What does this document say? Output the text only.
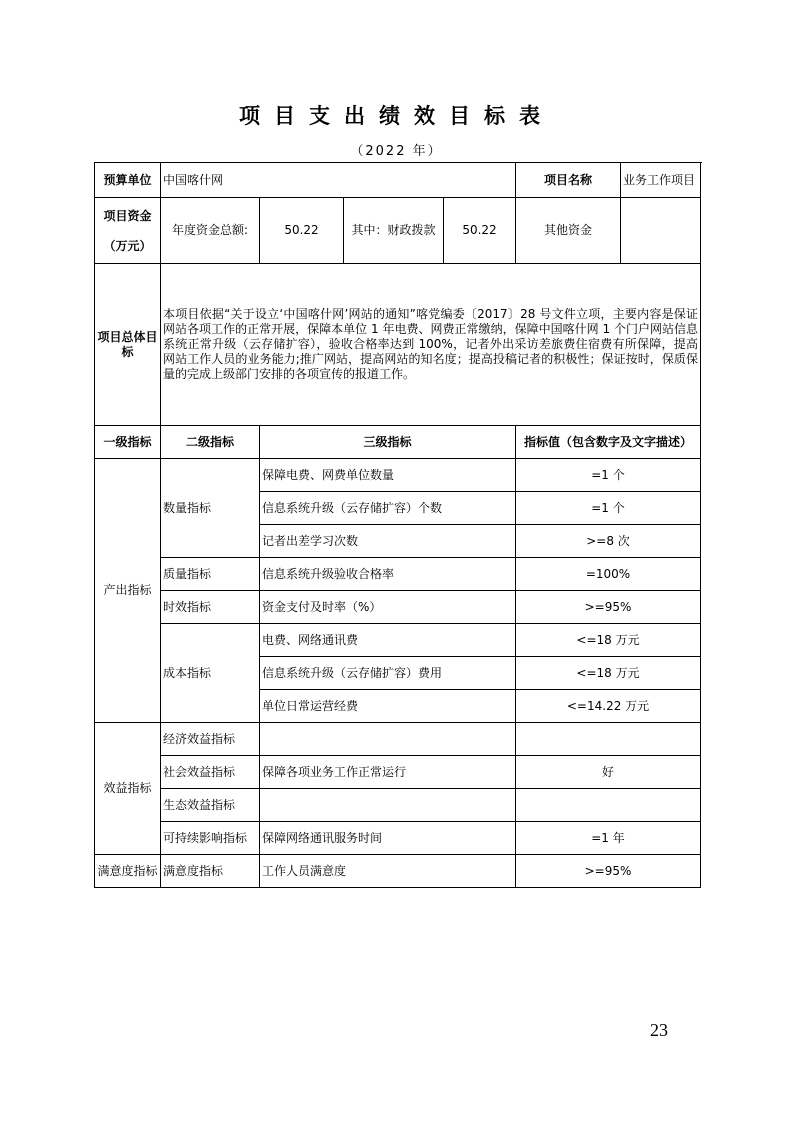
项目支出绩效目标表
（2022 年）
预算单位	中国喀什网				项目名称	业务工作项目

项目资金
（万元）	年度资金总额:	50.22	其中：财政拨款	50.22	其他资金	
项目总体目标	本项目依据“关于设立‘中国喀什网’网站的通知”喀党编委〔2017〕28 号文件立项，主要内容是保证网站各项工作的正常开展，保障本单位 1 年电费、网费正常缴纳，保障中国喀什网 1 个门户网站信息系统正常升级（云存储扩容），验收合格率达到 100%，记者外出采访差旅费住宿费有所保障，提高网站工作人员的业务能力;推广网站，提高网站的知名度；提高投稿记者的积极性；保证按时，保质保量的完成上级部门安排的各项宣传的报道工作。					
一级指标	二级指标	三级指标			指标值（包含数字及文字描述）	
产出指标	数量指标	保障电费、网费单位数量			=1 个	
		信息系统升级（云存储扩容）个数			=1 个	
		记者出差学习次数			>=8 次	
	质量指标	信息系统升级验收合格率			=100%	
	时效指标	资金支付及时率（%）			>=95%	
	成本指标	电费、网络通讯费			<=18 万元	
		信息系统升级（云存储扩容）费用			<=18 万元	
		单位日常运营经费			<=14.22 万元	
效益指标	经济效益指标					
	社会效益指标	保障各项业务工作正常运行			好	
	生态效益指标					
	可持续影响指标	保障网络通讯服务时间			=1 年	
满意度指标	满意度指标	工作人员满意度			>=95%	
23
